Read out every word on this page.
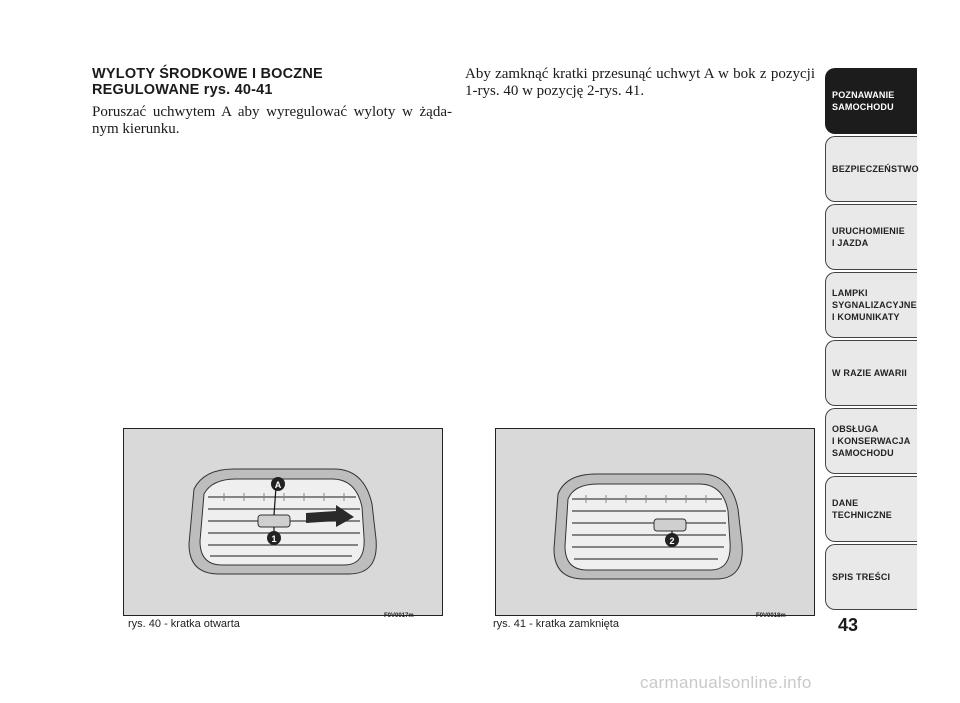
WYLOTY ŚRODKOWE I BOCZNE
REGULOWANE rys. 40-41

Poruszać uchwytem A aby wyregulować wyloty w żąda- nym kierunku.

Aby zamknąć kratki przesunąć uchwyt A w bok z pozycji 1-rys. 40 w pozycję 2-rys. 41.

A
1
rys. 40 - kratka otwarta
F0V0017m
2
rys. 41 - kratka zamknięta
F0V0018m
POZNAWANIE
SAMOCHODU
BEZPIECZEŃSTWO
URUCHOMIENIE
I JAZDA
LAMPKI
SYGNALIZACYJNE
I KOMUNIKATY
W RAZIE AWARII
OBSŁUGA
I KONSERWACJA
SAMOCHODU
DANE
TECHNICZNE
SPIS TREŚCI
43
carmanualsonline.info
